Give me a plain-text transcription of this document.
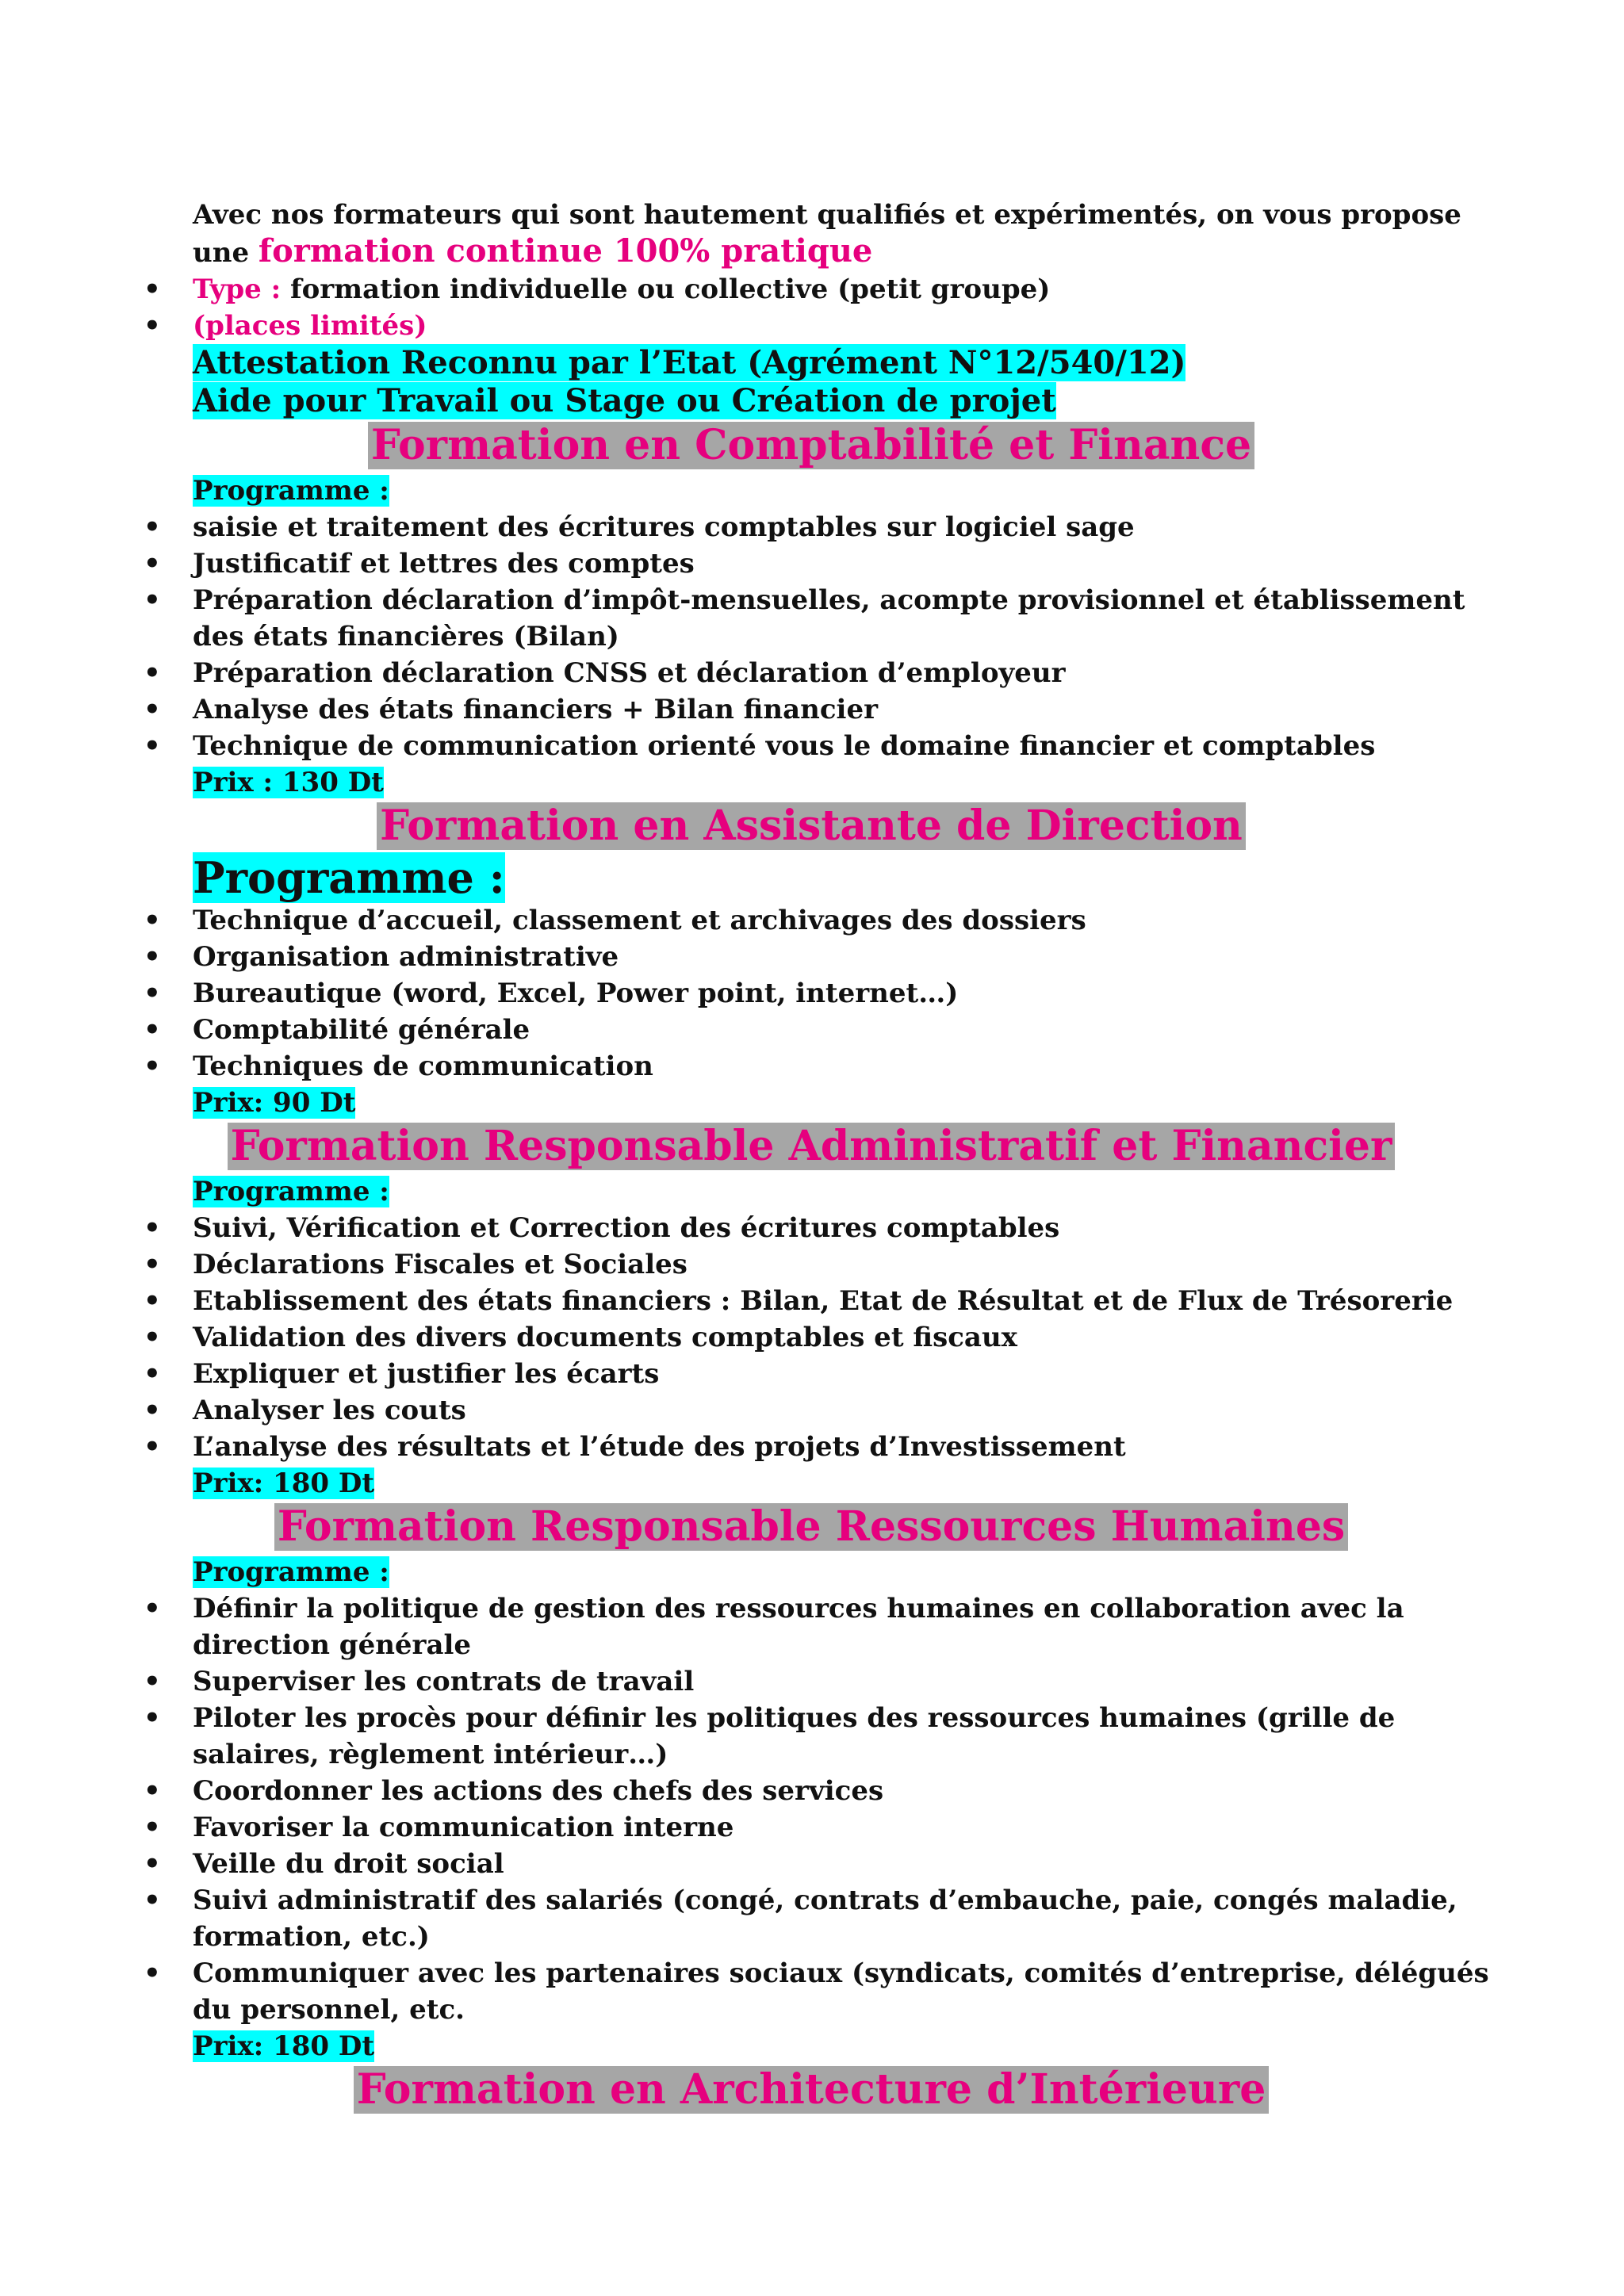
Avec nos formateurs qui sont hautement qualifiés et expérimentés, on vous propose

une formation continue 100% pratique

• Type : formation individuelle ou collective (petit groupe)

• (places limités)

Attestation Reconnu par l’Etat (Agrément N°12/540/12)

Aide pour Travail ou Stage ou Création de projet

Formation en Comptabilité et Finance

Programme :

• saisie et traitement des écritures comptables sur logiciel sage

• Justificatif et lettres des comptes

• Préparation déclaration d’impôt-mensuelles, acompte provisionnel et établissement des états financières (Bilan)

• Préparation déclaration CNSS et déclaration d’employeur

• Analyse des états financiers + Bilan financier

• Technique de communication orienté vous le domaine financier et comptables

Prix : 130 Dt

Formation en Assistante de Direction

Programme :

• Technique d’accueil, classement et archivages des dossiers

• Organisation administrative

• Bureautique (word, Excel, Power point, internet…)

• Comptabilité générale

• Techniques de communication

Prix: 90 Dt

Formation Responsable Administratif et Financier

Programme :

• Suivi, Vérification et Correction des écritures comptables

• Déclarations Fiscales et Sociales

• Etablissement des états financiers : Bilan, Etat de Résultat et de Flux de Trésorerie

• Validation des divers documents comptables et fiscaux

• Expliquer et justifier les écarts

• Analyser les couts

• L’analyse des résultats et l’étude des projets d’Investissement

Prix: 180 Dt

Formation Responsable Ressources Humaines

Programme :

• Définir la politique de gestion des ressources humaines en collaboration avec la direction générale

• Superviser les contrats de travail

• Piloter les procès pour définir les politiques des ressources humaines (grille de salaires, règlement intérieur…)

• Coordonner les actions des chefs des services

• Favoriser la communication interne

• Veille du droit social

• Suivi administratif des salariés (congé, contrats d’embauche, paie, congés maladie, formation, etc.)

• Communiquer avec les partenaires sociaux (syndicats, comités d’entreprise, délégués du personnel, etc.

Prix: 180 Dt

Formation en Architecture d’Intérieure
